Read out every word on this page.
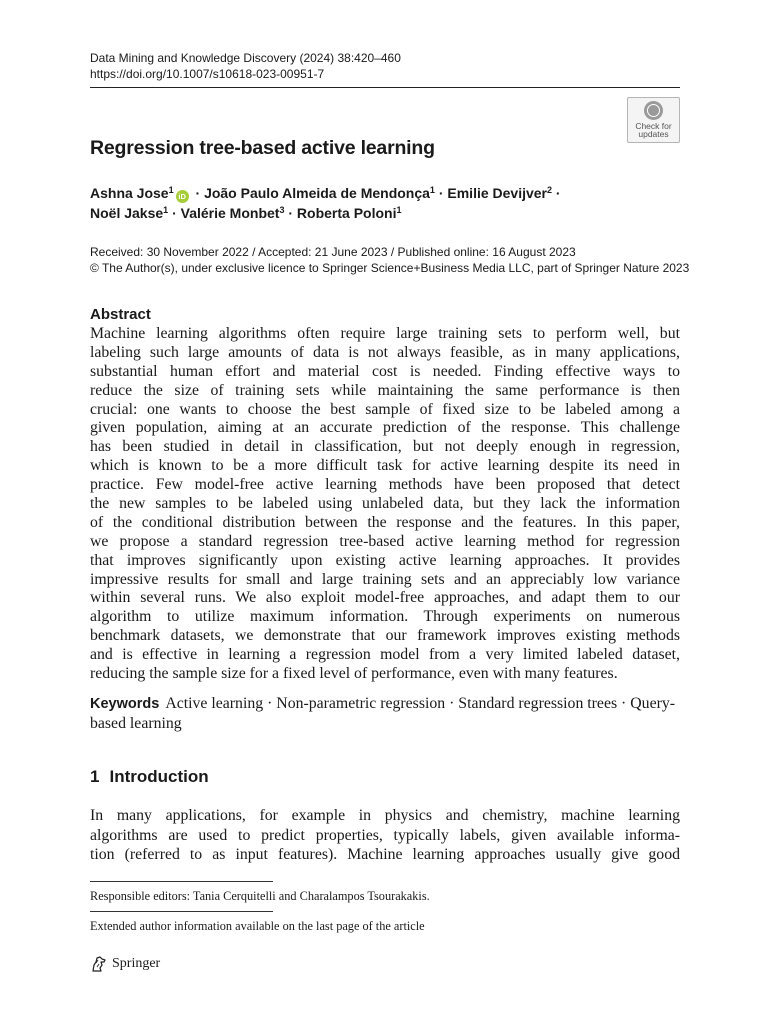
Data Mining and Knowledge Discovery (2024) 38:420–460
https://doi.org/10.1007/s10618-023-00951-7
Check for
updates
Regression tree-based active learning
Ashna Jose$^1$iD · João Paulo Almeida de Mendonça$^1$ · Emilie Devijver$^2$ ·
Noël Jakse$^1$ · Valérie Monbet$^3$ · Roberta Poloni$^1$
Received: 30 November 2022 / Accepted: 21 June 2023 / Published online: 16 August 2023
© The Author(s), under exclusive licence to Springer Science+Business Media LLC, part of Springer Nature 2023
Abstract
Machine learning algorithms often require large training sets to perform well, but
labeling such large amounts of data is not always feasible, as in many applications,
substantial human effort and material cost is needed. Finding effective ways to
reduce the size of training sets while maintaining the same performance is then
crucial: one wants to choose the best sample of fixed size to be labeled among a
given population, aiming at an accurate prediction of the response. This challenge
has been studied in detail in classification, but not deeply enough in regression,
which is known to be a more difficult task for active learning despite its need in
practice. Few model-free active learning methods have been proposed that detect
the new samples to be labeled using unlabeled data, but they lack the information
of the conditional distribution between the response and the features. In this paper,
we propose a standard regression tree-based active learning method for regression
that improves significantly upon existing active learning approaches. It provides
impressive results for small and large training sets and an appreciably low variance
within several runs. We also exploit model-free approaches, and adapt them to our
algorithm to utilize maximum information. Through experiments on numerous
benchmark datasets, we demonstrate that our framework improves existing methods
and is effective in learning a regression model from a very limited labeled dataset,
reducing the sample size for a fixed level of performance, even with many features.
Keywords Active learning · Non-parametric regression · Standard regression trees · Query-based learning
1 Introduction
In many applications, for example in physics and chemistry, machine learning
algorithms are used to predict properties, typically labels, given available informa-
tion (referred to as input features). Machine learning approaches usually give good
Responsible editors: Tania Cerquitelli and Charalampos Tsourakakis.
Extended author information available on the last page of the article
Springer
